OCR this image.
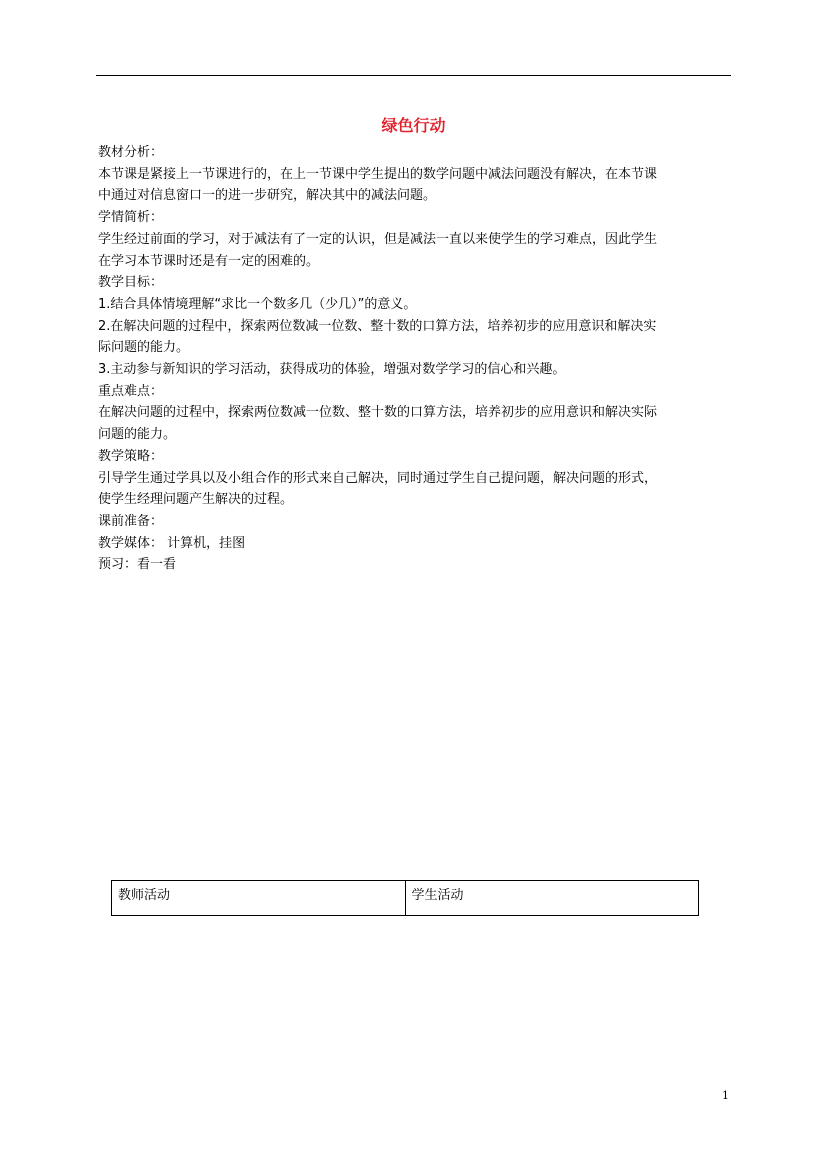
绿色行动

教材分析：

本节课是紧接上一节课进行的，在上一节课中学生提出的数学问题中减法问题没有解决，在本节课

中通过对信息窗口一的进一步研究，解决其中的减法问题。

学情简析：

学生经过前面的学习，对于减法有了一定的认识，但是减法一直以来使学生的学习难点，因此学生

在学习本节课时还是有一定的困难的。

教学目标：

1.结合具体情境理解“求比一个数多几（少几）”的意义。

2.在解决问题的过程中，探索两位数减一位数、整十数的口算方法，培养初步的应用意识和解决实

际问题的能力。

3.主动参与新知识的学习活动，获得成功的体验，增强对数学学习的信心和兴趣。

重点难点：

在解决问题的过程中，探索两位数减一位数、整十数的口算方法，培养初步的应用意识和解决实际

问题的能力。

教学策略：

引导学生通过学具以及小组合作的形式来自己解决，同时通过学生自己提问题，解决问题的形式，

使学生经理问题产生解决的过程。

课前准备：

教学媒体： 计算机，挂图

预习：看一看

教师活动	学生活动
1
